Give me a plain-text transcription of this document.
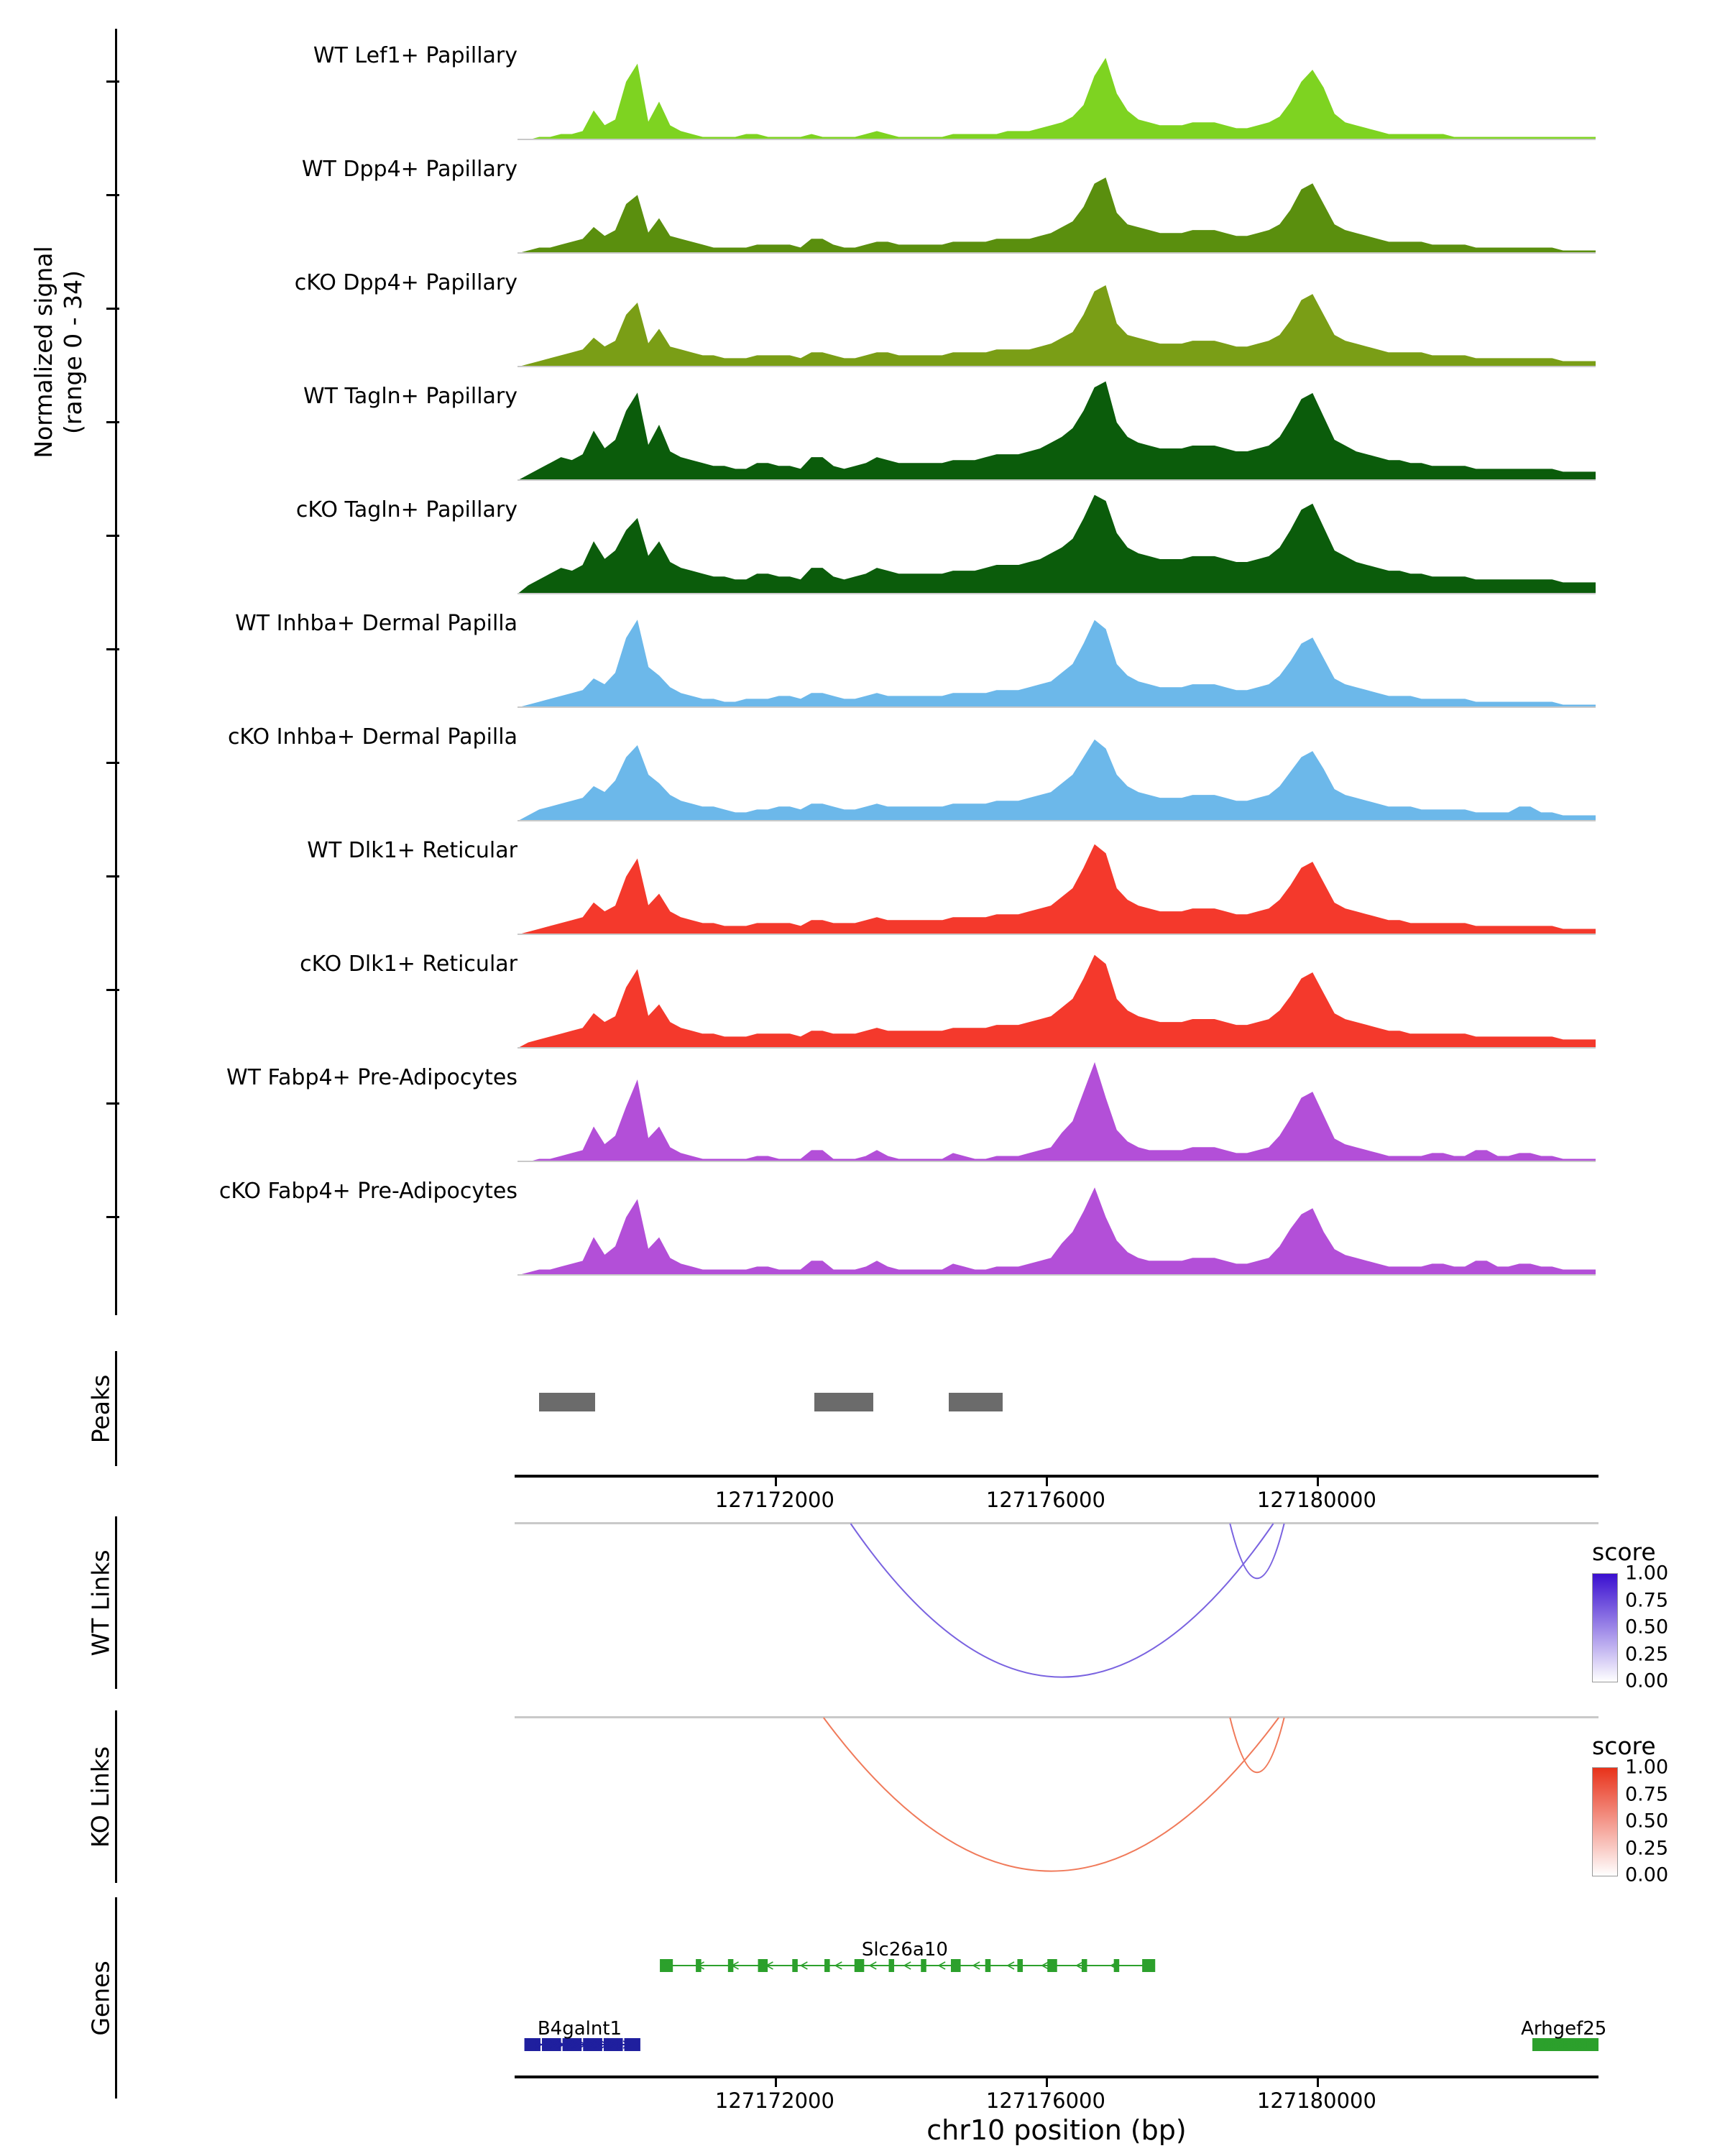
Normalized signal (range 0 - 34)
WT Lef1+ Papillary
WT Dpp4+ Papillary
cKO Dpp4+ Papillary
WT Tagln+ Papillary
cKO Tagln+ Papillary
WT Inhba+ Dermal Papilla
cKO Inhba+ Dermal Papilla
WT Dlk1+ Reticular
cKO Dlk1+ Reticular
WT Fabp4+ Pre-Adipocytes
cKO Fabp4+ Pre-Adipocytes
Peaks
127172000	127176000	127180000
WT Links
KO Links
score
1.00
0.75
0.50
0.25
0.00
score
1.00
0.75
0.50
0.25
0.00
Genes
Slc26a10
B4galnt1	Arhgef25
127172000	127176000	127180000
chr10 position (bp)
